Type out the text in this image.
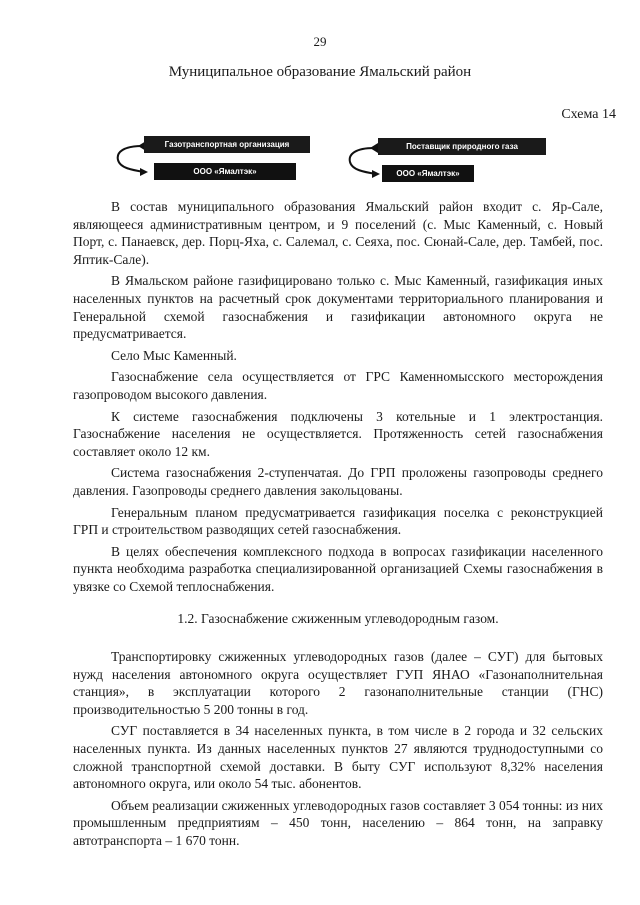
29
Муниципальное образование Ямальский район
Схема 14
Газотранспортная организация
ООО «Ямалтэк»
Поставщик природного газа
ООО «Ямалтэк»

В состав муниципального образования Ямальский район входит с. Яр-Сале, являющееся административным центром, и 9 поселений (с. Мыс Каменный, с. Новый Порт, с. Панаевск, дер. Порц-Яха, с. Салемал, с. Сеяха, пос. Сюнай-Сале, дер. Тамбей, пос. Яптик-Сале).

В Ямальском районе газифицировано только с. Мыс Каменный, газификация иных населенных пунктов на расчетный срок документами территориального планирования и Генеральной схемой газоснабжения и газификации автономного округа не предусматривается.

Село Мыс Каменный.

Газоснабжение села осуществляется от ГРС Каменномысского месторождения газопроводом высокого давления.

К системе газоснабжения подключены 3 котельные и 1 электростанция. Газоснабжение населения не осуществляется. Протяженность сетей газоснабжения составляет около 12 км.

Система газоснабжения 2-ступенчатая. До ГРП проложены газопроводы среднего давления. Газопроводы среднего давления закольцованы.

Генеральным планом предусматривается газификация поселка с реконструкцией ГРП и строительством разводящих сетей газоснабжения.

В целях обеспечения комплексного подхода в вопросах газификации населенного пункта необходима разработка специализированной организацией Схемы газоснабжения в увязке со Схемой теплоснабжения.

1.2. Газоснабжение сжиженным углеводородным газом.

Транспортировку сжиженных углеводородных газов (далее – СУГ) для бытовых нужд населения автономного округа осуществляет ГУП ЯНАО «Газонаполнительная станция», в эксплуатации которого 2 газонаполнительные станции (ГНС) производительностью 5 200 тонны в год.

СУГ поставляется в 34 населенных пункта, в том числе в 2 города и 32 сельских населенных пункта. Из данных населенных пунктов 27 являются труднодоступными со сложной транспортной схемой доставки. В быту СУГ используют 8,32% населения автономного округа, или около 54 тыс. абонентов.

Объем реализации сжиженных углеводородных газов составляет 3 054 тонны: из них промышленным предприятиям – 450 тонн, населению – 864 тонн, на заправку автотранспорта – 1 670 тонн.
